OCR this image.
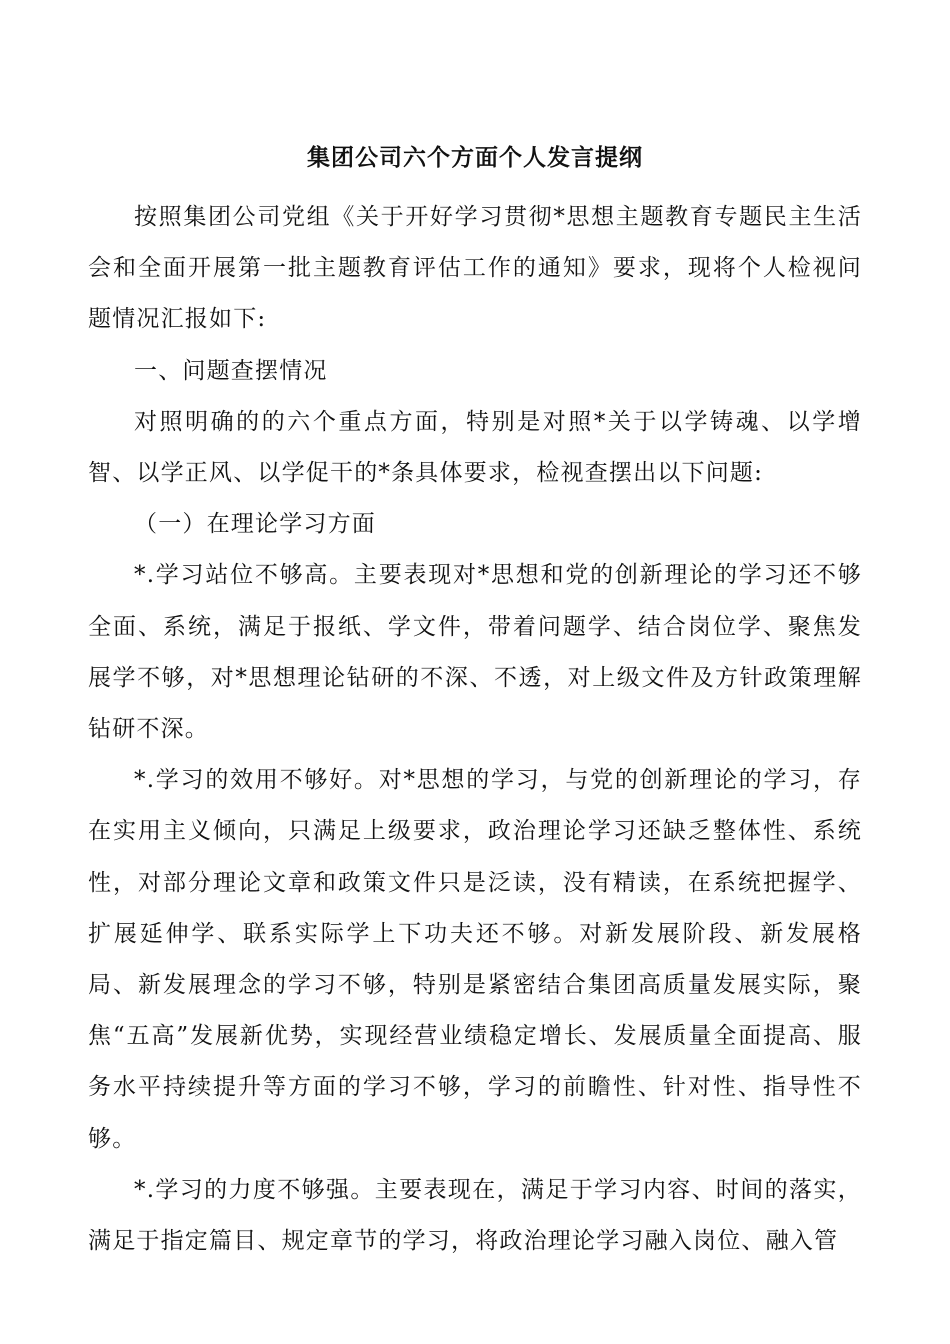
集团公司六个方面个人发言提纲

按照集团公司党组《关于开好学习贯彻*思想主题教育专题民主生活会和全面开展第一批主题教育评估工作的通知》要求，现将个人检视问题情况汇报如下:

一、问题查摆情况

对照明确的的六个重点方面，特别是对照*关于以学铸魂、以学增智、以学正风、以学促干的*条具体要求，检视查摆出以下问题:

（一）在理论学习方面

*.学习站位不够高。主要表现对*思想和党的创新理论的学习还不够全面、系统，满足于报纸、学文件，带着问题学、结合岗位学、聚焦发展学不够，对*思想理论钻研的不深、不透，对上级文件及方针政策理解钻研不深。

*.学习的效用不够好。对*思想的学习，与党的创新理论的学习，存在实用主义倾向，只满足上级要求，政治理论学习还缺乏整体性、系统性，对部分理论文章和政策文件只是泛读，没有精读，在系统把握学、扩展延伸学、联系实际学上下功夫还不够。对新发展阶段、新发展格局、新发展理念的学习不够，特别是紧密结合集团高质量发展实际，聚焦“五高”发展新优势，实现经营业绩稳定增长、发展质量全面提高、服务水平持续提升等方面的学习不够，学习的前瞻性、针对性、指导性不够。

*.学习的力度不够强。主要表现在，满足于学习内容、时间的落实，满足于指定篇目、规定章节的学习，将政治理论学习融入岗位、融入管
